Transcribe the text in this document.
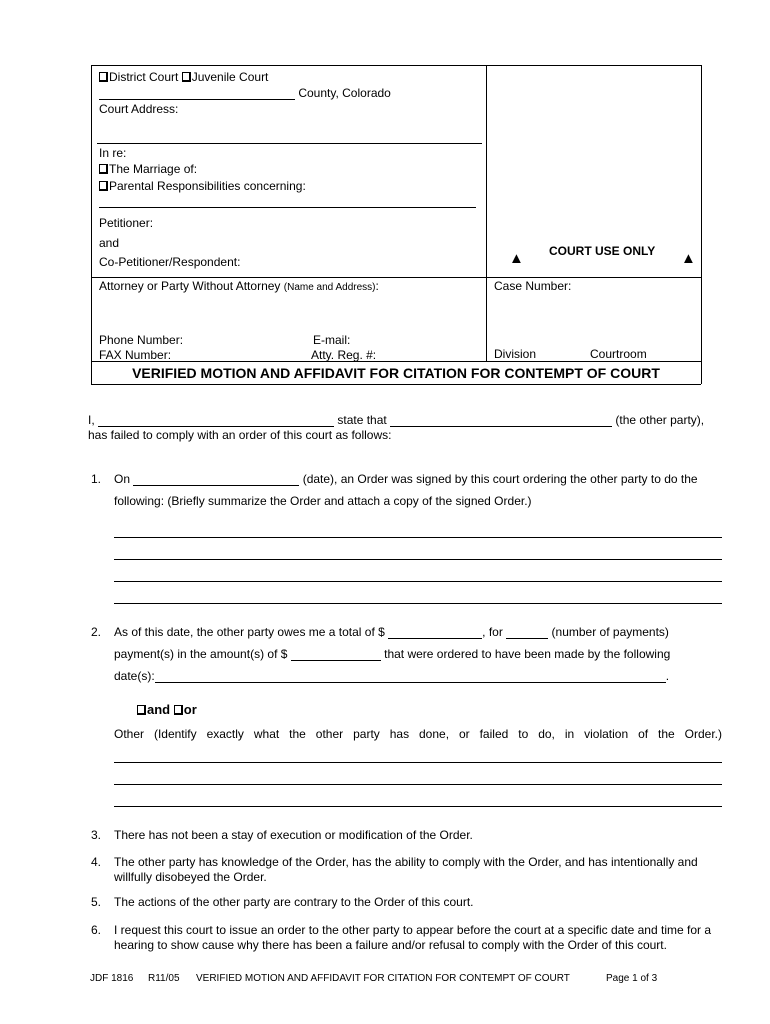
District Court Juvenile Court
County, Colorado
Court Address:
In re:
The Marriage of:
Parental Responsibilities concerning:
Petitioner:
and
Co-Petitioner/Respondent:	▲ COURT USE ONLY ▲
Attorney or Party Without Attorney (Name and Address):	Case Number:
Phone Number:	E-mail:
FAX Number:	Atty. Reg. #:	Division	Courtroom
VERIFIED MOTION AND AFFIDAVIT FOR CITATION FOR CONTEMPT OF COURT
I,	state that	(the other party),
has failed to comply with an order of this court as follows:
1. On	(date), an Order was signed by this court ordering the other party to do the
following: (Briefly summarize the Order and attach a copy of the signed Order.)
2. As of this date, the other party owes me a total of $	, for	(number of payments)
payment(s) in the amount(s) of $	that were ordered to have been made by the following
date(s):	.
and or
Other (Identify exactly what the other party has done, or failed to do, in violation of the Order.)
3. There has not been a stay of execution or modification of the Order.
4. The other party has knowledge of the Order, has the ability to comply with the Order, and has intentionally and willfully disobeyed the Order.
5. The actions of the other party are contrary to the Order of this court.
6. I request this court to issue an order to the other party to appear before the court at a specific date and time for a hearing to show cause why there has been a failure and/or refusal to comply with the Order of this court.
JDF 1816 R11/05 VERIFIED MOTION AND AFFIDAVIT FOR CITATION FOR CONTEMPT OF COURT	Page 1 of 3
